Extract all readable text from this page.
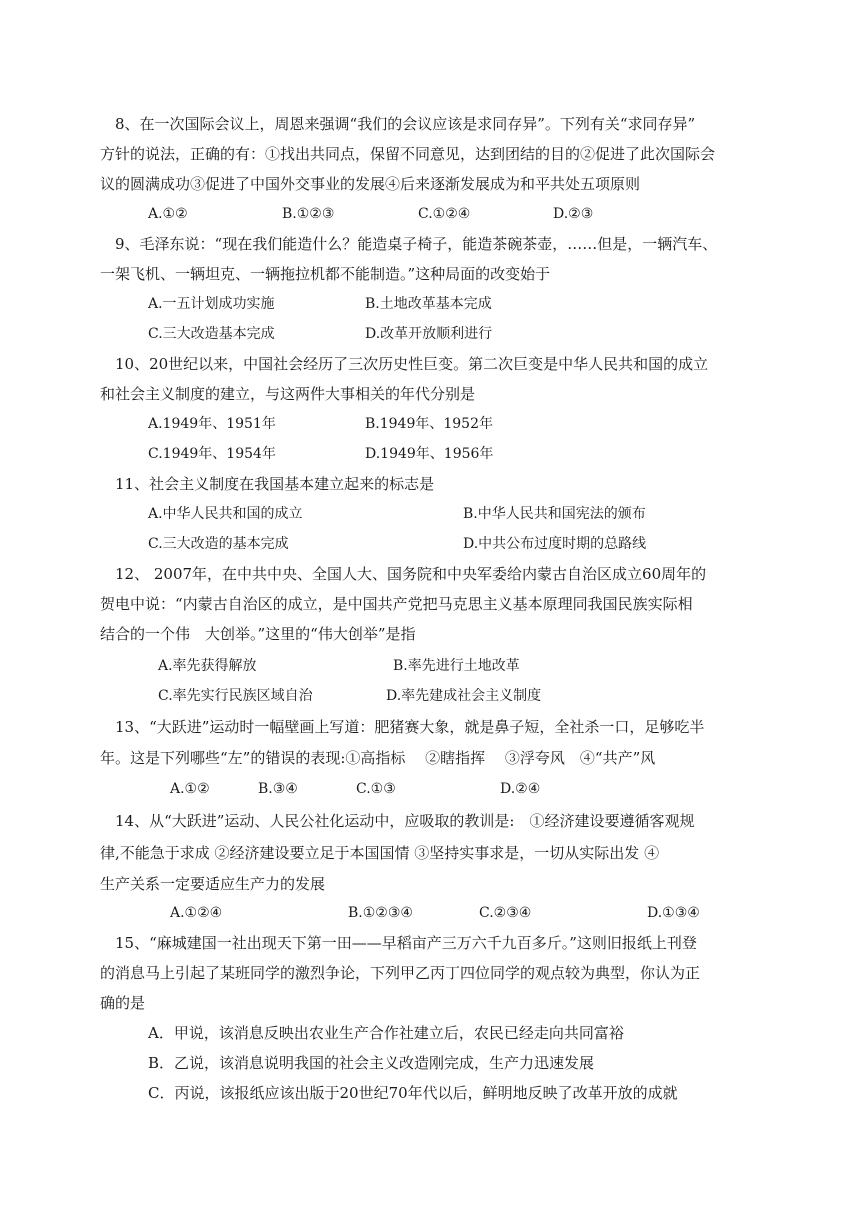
　8、在一次国际会议上，周恩来强调“我们的会议应该是求同存异”。下列有关“求同存异”
方针的说法，正确的有：①找出共同点，保留不同意见，达到团结的目的②促进了此次国际会
议的圆满成功③促进了中国外交事业的发展④后来逐渐发展成为和平共处五项原则
A.①②	B.①②③	C.①②④	D.②③
　9、毛泽东说：“现在我们能造什么？能造桌子椅子，能造茶碗茶壶，……但是，一辆汽车、
一架飞机、一辆坦克、一辆拖拉机都不能制造。”这种局面的改变始于
A.一五计划成功实施	B.土地改革基本完成
C.三大改造基本完成	D.改革开放顺利进行
　10、20世纪以来，中国社会经历了三次历史性巨变。第二次巨变是中华人民共和国的成立
和社会主义制度的建立，与这两件大事相关的年代分别是
A.1949年、1951年	B.1949年、1952年
C.1949年、1954年	D.1949年、1956年
　11、社会主义制度在我国基本建立起来的标志是
A.中华人民共和国的成立	B.中华人民共和国宪法的颁布
C.三大改造的基本完成	D.中共公布过度时期的总路线
　12、 2007年，在中共中央、全国人大、国务院和中央军委给内蒙古自治区成立60周年的
贺电中说：“内蒙古自治区的成立，是中国共产党把马克思主义基本原理同我国民族实际相
结合的一个伟　大创举。”这里的“伟大创举”是指
A.率先获得解放	B.率先进行土地改革
C.率先实行民族区域自治	D.率先建成社会主义制度
　13、“大跃进”运动时一幅壁画上写道：肥猪赛大象，就是鼻子短，全社杀一口，足够吃半
年。这是下列哪些“左”的错误的表现:①高指标　 ②瞎指挥　 ③浮夸风　④“共产”风
A.①②	B.③④	C.①③	D.②④
　14、从“大跃进”运动、人民公社化运动中，应吸取的教训是:　①经济建设要遵循客观规
律,不能急于求成 ②经济建设要立足于本国国情 ③坚持实事求是，一切从实际出发 ④
生产关系一定要适应生产力的发展
A.①②④	B.①②③④	C.②③④	D.①③④
　15、“麻城建国一社出现天下第一田——早稻亩产三万六千九百多斤。”这则旧报纸上刊登
的消息马上引起了某班同学的激烈争论，下列甲乙丙丁四位同学的观点较为典型，你认为正
确的是
A．甲说，该消息反映出农业生产合作社建立后，农民已经走向共同富裕
B．乙说，该消息说明我国的社会主义改造刚完成，生产力迅速发展
C．丙说，该报纸应该出版于20世纪70年代以后，鲜明地反映了改革开放的成就
